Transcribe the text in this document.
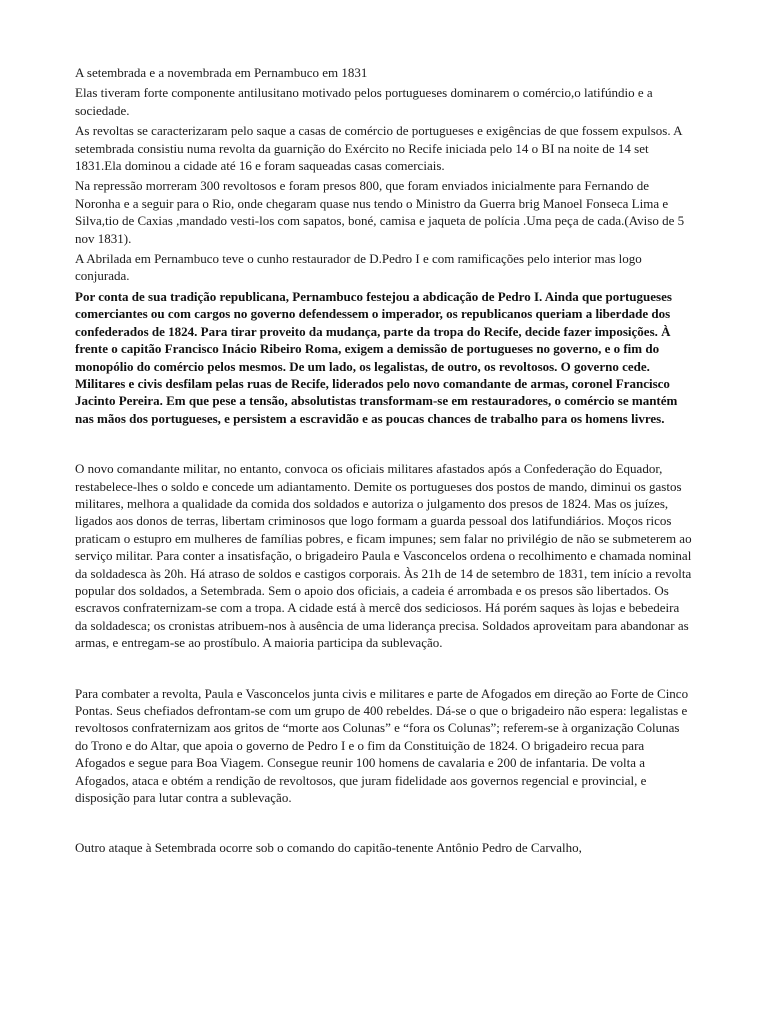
A setembrada e a novembrada em Pernambuco em 1831

Elas tiveram forte componente antilusitano motivado pelos portugueses dominarem o comércio,o latifúndio e a sociedade.

As revoltas se caracterizaram pelo saque a casas de comércio de portugueses e exigências de que fossem expulsos. A setembrada consistiu numa revolta da guarnição do Exército no Recife iniciada pelo 14 o BI na noite de 14 set 1831.Ela dominou a cidade até 16 e foram saqueadas casas comerciais.

Na repressão morreram 300 revoltosos e foram presos 800, que foram enviados inicialmente para Fernando de Noronha e a seguir para o Rio, onde chegaram quase nus tendo o Ministro da Guerra brig Manoel Fonseca Lima e Silva,tio de Caxias ,mandado vesti-los com sapatos, boné, camisa e jaqueta de polícia .Uma peça de cada.(Aviso de 5 nov 1831).

A Abrilada em Pernambuco teve o cunho restaurador de D.Pedro I e com ramificações pelo interior mas logo conjurada.

Por conta de sua tradição republicana, Pernambuco festejou a abdicação de Pedro I. Ainda que portugueses comerciantes ou com cargos no governo defendessem o imperador, os republicanos queriam a liberdade dos confederados de 1824. Para tirar proveito da mudança, parte da tropa do Recife, decide fazer imposições. À frente o capitão Francisco Inácio Ribeiro Roma, exigem a demissão de portugueses no governo, e o fim do monopólio do comércio pelos mesmos. De um lado, os legalistas, de outro, os revoltosos. O governo cede. Militares e civis desfilam pelas ruas de Recife, liderados pelo novo comandante de armas, coronel Francisco Jacinto Pereira. Em que pese a tensão, absolutistas transformam-se em restauradores, o comércio se mantém nas mãos dos portugueses, e persistem a escravidão e as poucas chances de trabalho para os homens livres.

O novo comandante militar, no entanto, convoca os oficiais militares afastados após a Confederação do Equador, restabelece-lhes o soldo e concede um adiantamento. Demite os portugueses dos postos de mando, diminui os gastos militares, melhora a qualidade da comida dos soldados e autoriza o julgamento dos presos de 1824. Mas os juízes, ligados aos donos de terras, libertam criminosos que logo formam a guarda pessoal dos latifundiários. Moços ricos praticam o estupro em mulheres de famílias pobres, e ficam impunes; sem falar no privilégio de não se submeterem ao serviço militar. Para conter a insatisfação, o brigadeiro Paula e Vasconcelos ordena o recolhimento e chamada nominal da soldadesca às 20h. Há atraso de soldos e castigos corporais. Às 21h de 14 de setembro de 1831, tem início a revolta popular dos soldados, a Setembrada. Sem o apoio dos oficiais, a cadeia é arrombada e os presos são libertados. Os escravos confraternizam-se com a tropa. A cidade está à mercê dos sediciosos. Há porém saques às lojas e bebedeira da soldadesca; os cronistas atribuem-nos à ausência de uma liderança precisa. Soldados aproveitam para abandonar as armas, e entregam-se ao prostíbulo. A maioria participa da sublevação.

Para combater a revolta, Paula e Vasconcelos junta civis e militares e parte de Afogados em direção ao Forte de Cinco Pontas. Seus chefiados defrontam-se com um grupo de 400 rebeldes. Dá-se o que o brigadeiro não espera: legalistas e revoltosos confraternizam aos gritos de “morte aos Colunas” e “fora os Colunas”; referem-se à organização Colunas do Trono e do Altar, que apoia o governo de Pedro I e o fim da Constituição de 1824. O brigadeiro recua para Afogados e segue para Boa Viagem. Consegue reunir 100 homens de cavalaria e 200 de infantaria. De volta a Afogados, ataca e obtém a rendição de revoltosos, que juram fidelidade aos governos regencial e provincial, e disposição para lutar contra a sublevação.

Outro ataque à Setembrada ocorre sob o comando do capitão-tenente Antônio Pedro de Carvalho,
